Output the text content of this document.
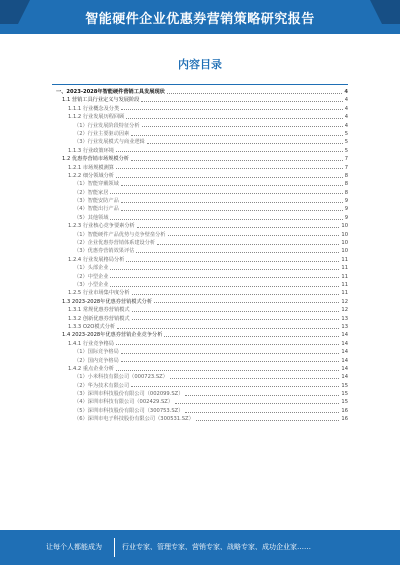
智能硬件企业优惠券营销策略研究报告
内容目录
一、2023-2028年智能硬件营销工具发展现状	4
1.1 营销工具行业定义与发展阶段	4
1.1.1 行业概念及分类	4
1.1.2 行业发展历程回顾	4
（1）行业发展阶段特征分析	4
（2）行业主要驱动因素	5
（3）行业发展模式与商业逻辑	5
1.1.3 行业政策环境	5
1.2 优惠券营销市场规模分析	7
1.2.1 市场规模测算	7
1.2.2 细分领域分析	8
（1）智能穿戴领域	8
（2）智能家居	8
（3）智能安防产品	9
（4）智能出行产品	9
（5）其他领域	9
1.2.3 行业核心竞争要素分析	10
（1）智能硬件产品优势与竞争壁垒分析	10
（2）企业优惠券营销体系建设分析	10
（3）优惠券营销效果评估	10
1.2.4 行业发展格局分析	11
（1）头部企业	11
（2）中型企业	11
（3）小型企业	11
1.2.5 行业市场集中度分析	11
1.3 2023-2028年优惠券营销模式分析	12
1.3.1 常规优惠券营销模式	12
1.3.2 创新优惠券营销模式	13
1.3.3 O2O模式分析	13
1.4 2023-2028年优惠券营销企业竞争分析	14
1.4.1 行业竞争格局	14
（1）国际竞争格局	14
（2）国内竞争格局	14
1.4.2 重点企业分析	14
（1）小米科技有限公司（000723.SZ）	14
（2）华为技术有限公司	15
（3）深圳市科技股份有限公司（002099.SZ）	15
（4）深圳市科技有限公司（002429.SZ）	15
（5）深圳市科技股份有限公司（300753.SZ）	16
（6）深圳市电子科技股份有限公司（300531.SZ）	16
让每个人都能成为	行业专家、管理专家、营销专家、战略专家、成功企业家……
